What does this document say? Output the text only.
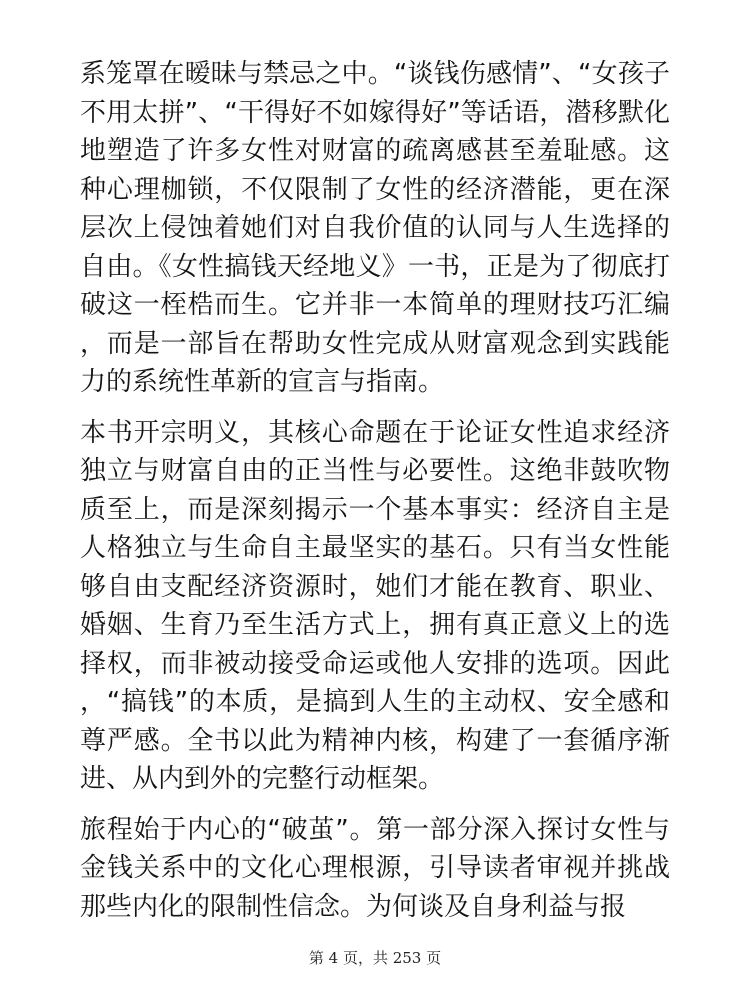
系笼罩在暧昧与禁忌之中。“谈钱伤感情”、“女孩子不用太拼”、“干得好不如嫁得好”等话语，潜移默化地塑造了许多女性对财富的疏离感甚至羞耻感。这种心理枷锁，不仅限制了女性的经济潜能，更在深层次上侵蚀着她们对自我价值的认同与人生选择的自由。《女性搞钱天经地义》一书，正是为了彻底打破这一桎梏而生。它并非一本简单的理财技巧汇编，而是一部旨在帮助女性完成从财富观念到实践能力的系统性革新的宣言与指南。

本书开宗明义，其核心命题在于论证女性追求经济独立与财富自由的正当性与必要性。这绝非鼓吹物质至上，而是深刻揭示一个基本事实：经济自主是人格独立与生命自主最坚实的基石。只有当女性能够自由支配经济资源时，她们才能在教育、职业、婚姻、生育乃至生活方式上，拥有真正意义上的选择权，而非被动接受命运或他人安排的选项。因此，“搞钱”的本质，是搞到人生的主动权、安全感和尊严感。全书以此为精神内核，构建了一套循序渐进、从内到外的完整行动框架。

旅程始于内心的“破茧”。第一部分深入探讨女性与金钱关系中的文化心理根源，引导读者审视并挑战那些内化的限制性信念。为何谈及自身利益与报

第 4 页，共 253 页
